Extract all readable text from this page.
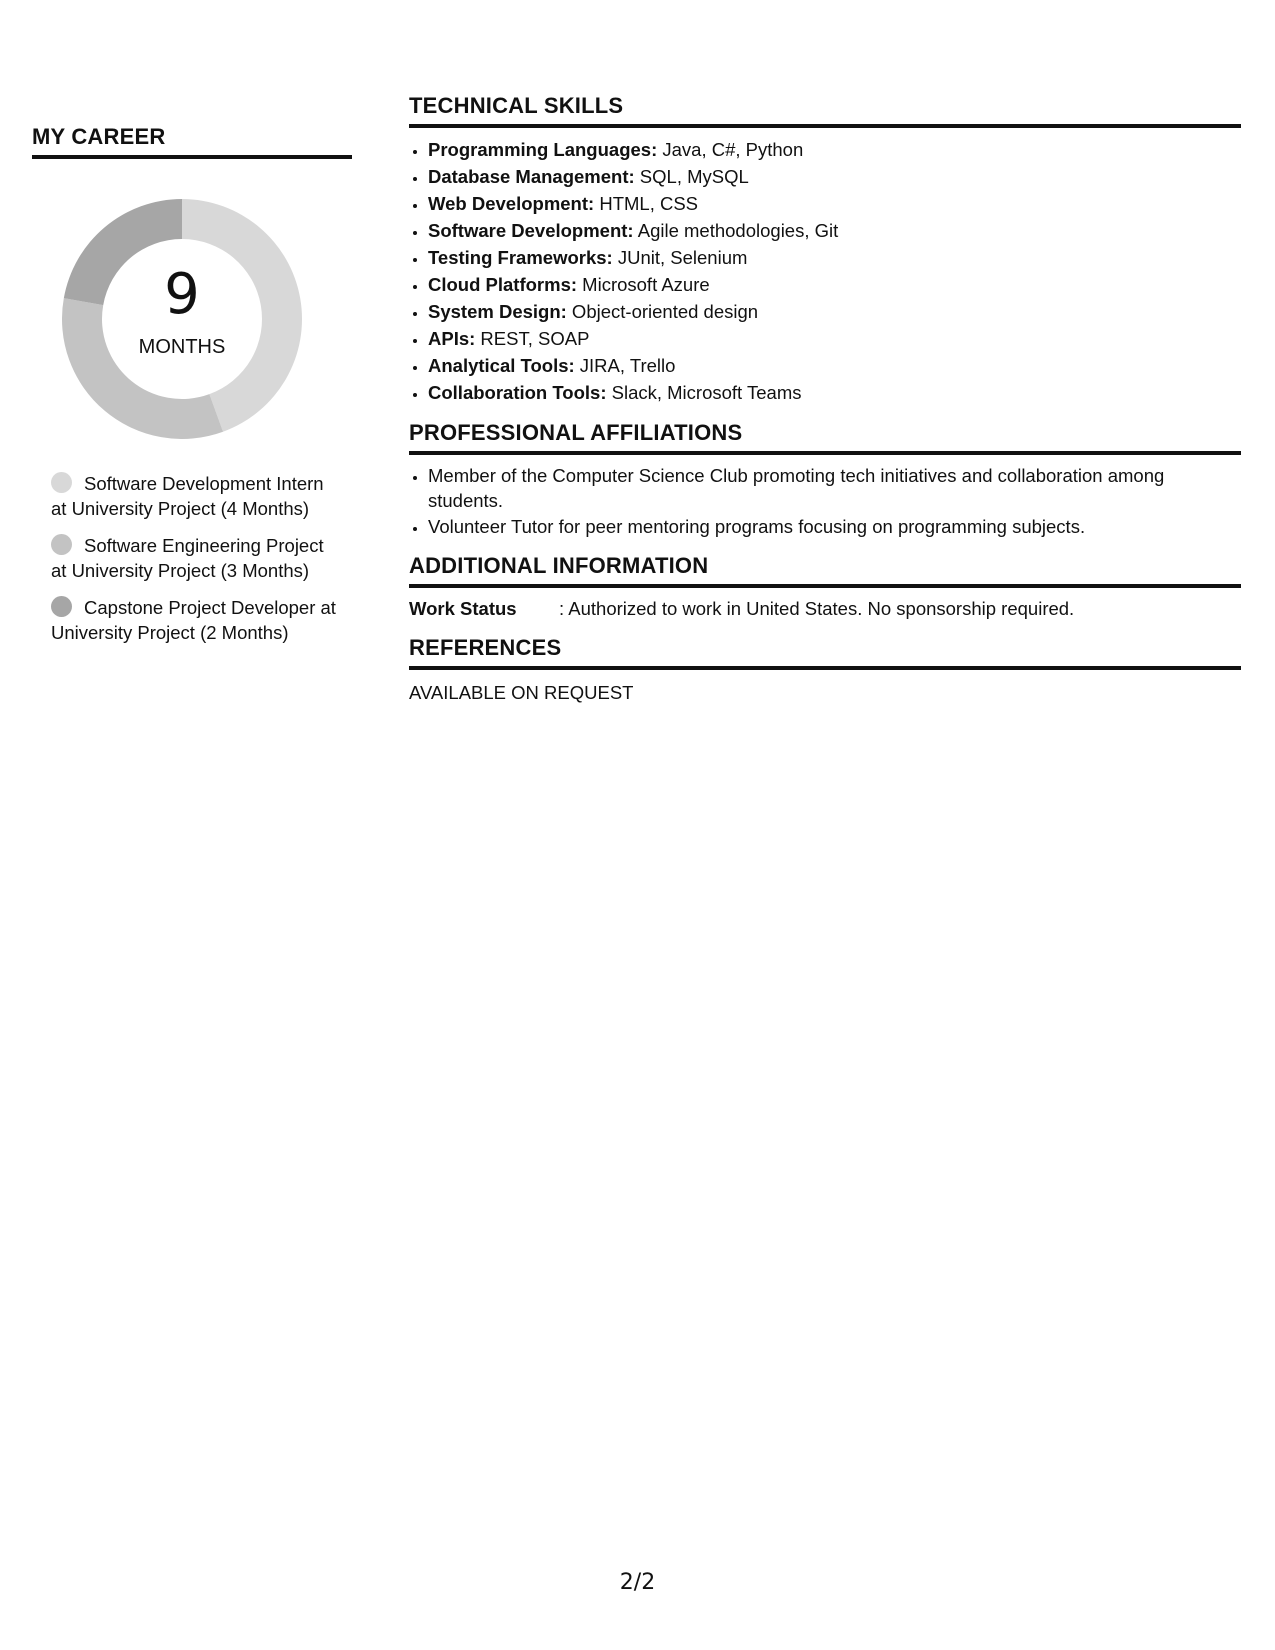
MY CAREER
9
MONTHS
Software Development Intern at University Project (4 Months)
Software Engineering Project at University Project (3 Months)
Capstone Project Developer at University Project (2 Months)
TECHNICAL SKILLS
• Programming Languages: Java, C#, Python
• Database Management: SQL, MySQL
• Web Development: HTML, CSS
• Software Development: Agile methodologies, Git
• Testing Frameworks: JUnit, Selenium
• Cloud Platforms: Microsoft Azure
• System Design: Object-oriented design
• APIs: REST, SOAP
• Analytical Tools: JIRA, Trello
• Collaboration Tools: Slack, Microsoft Teams
PROFESSIONAL AFFILIATIONS
• Member of the Computer Science Club promoting tech initiatives and collaboration among students.
• Volunteer Tutor for peer mentoring programs focusing on programming subjects.
ADDITIONAL INFORMATION
Work Status : Authorized to work in United States. No sponsorship required.
REFERENCES
AVAILABLE ON REQUEST
2/2
